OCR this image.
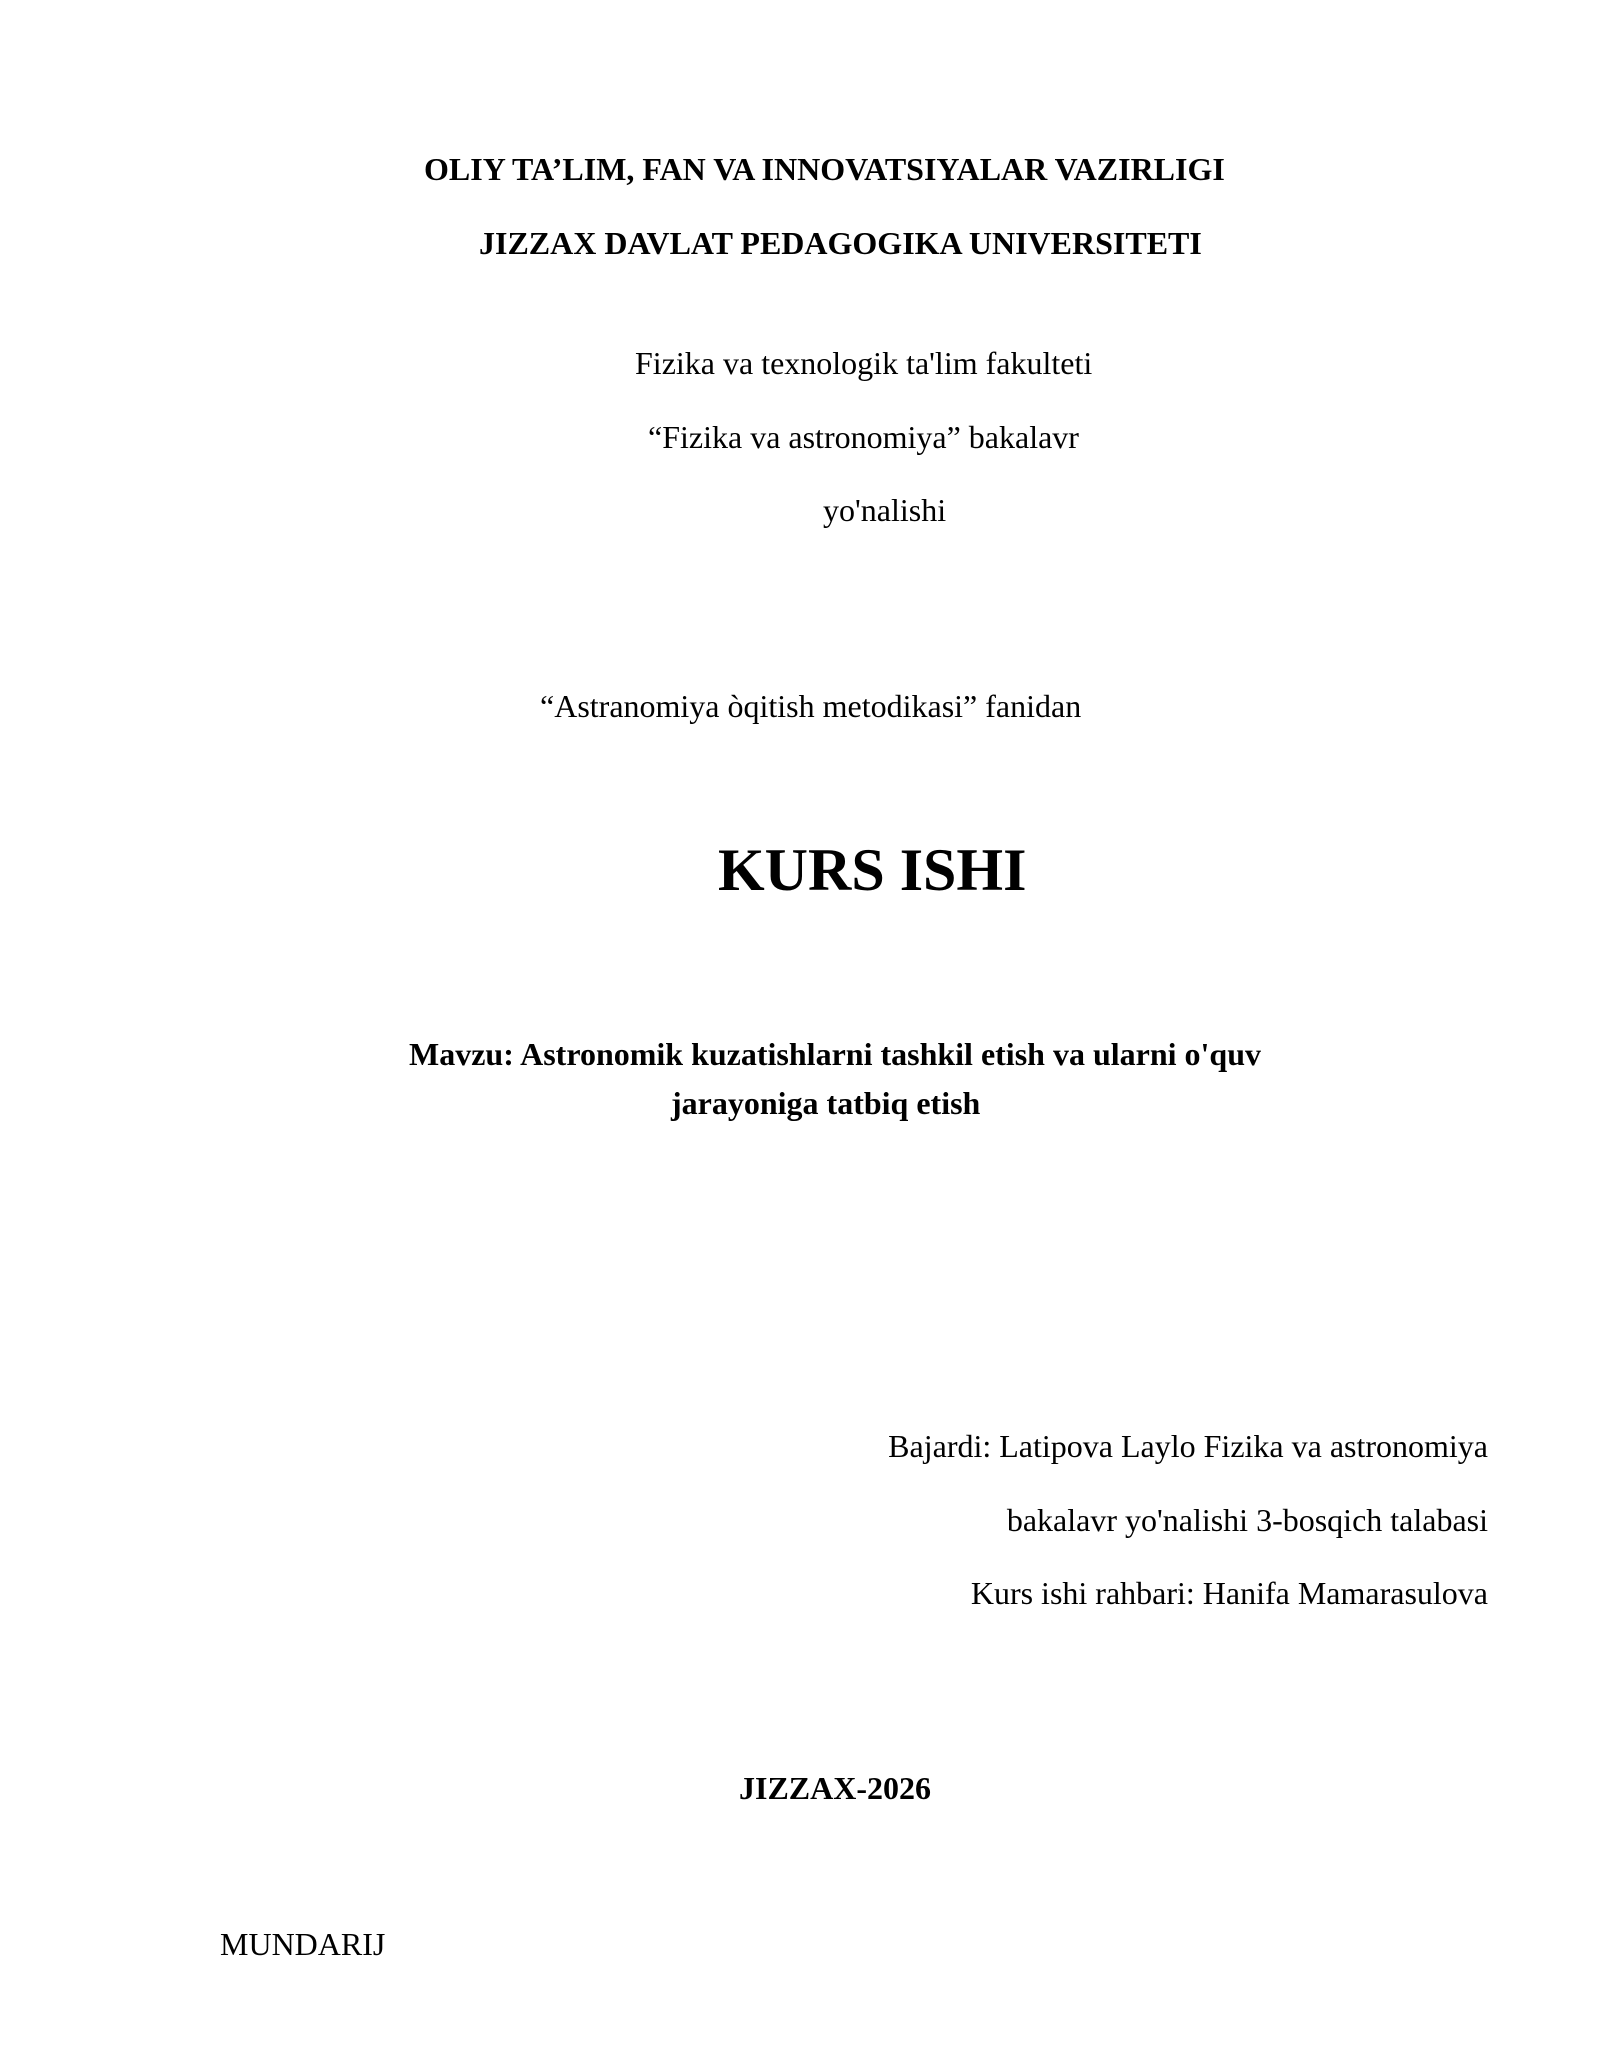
OLIY TA’LIM, FAN VA INNOVATSIYALAR VAZIRLIGI
JIZZAX DAVLAT PEDAGOGIKA UNIVERSITETI
Fizika va texnologik ta'lim fakulteti
“Fizika va astronomiya” bakalavr
yo'nalishi
“Astranomiya òqitish metodikasi” fanidan
KURS ISHI
Mavzu: Astronomik kuzatishlarni tashkil etish va ularni o'quv
jarayoniga tatbiq etish
Bajardi: Latipova Laylo Fizika va astronomiya
bakalavr yo'nalishi 3-bosqich talabasi
Kurs ishi rahbari: Hanifa Mamarasulova
JIZZAX-2026
MUNDARIJ
